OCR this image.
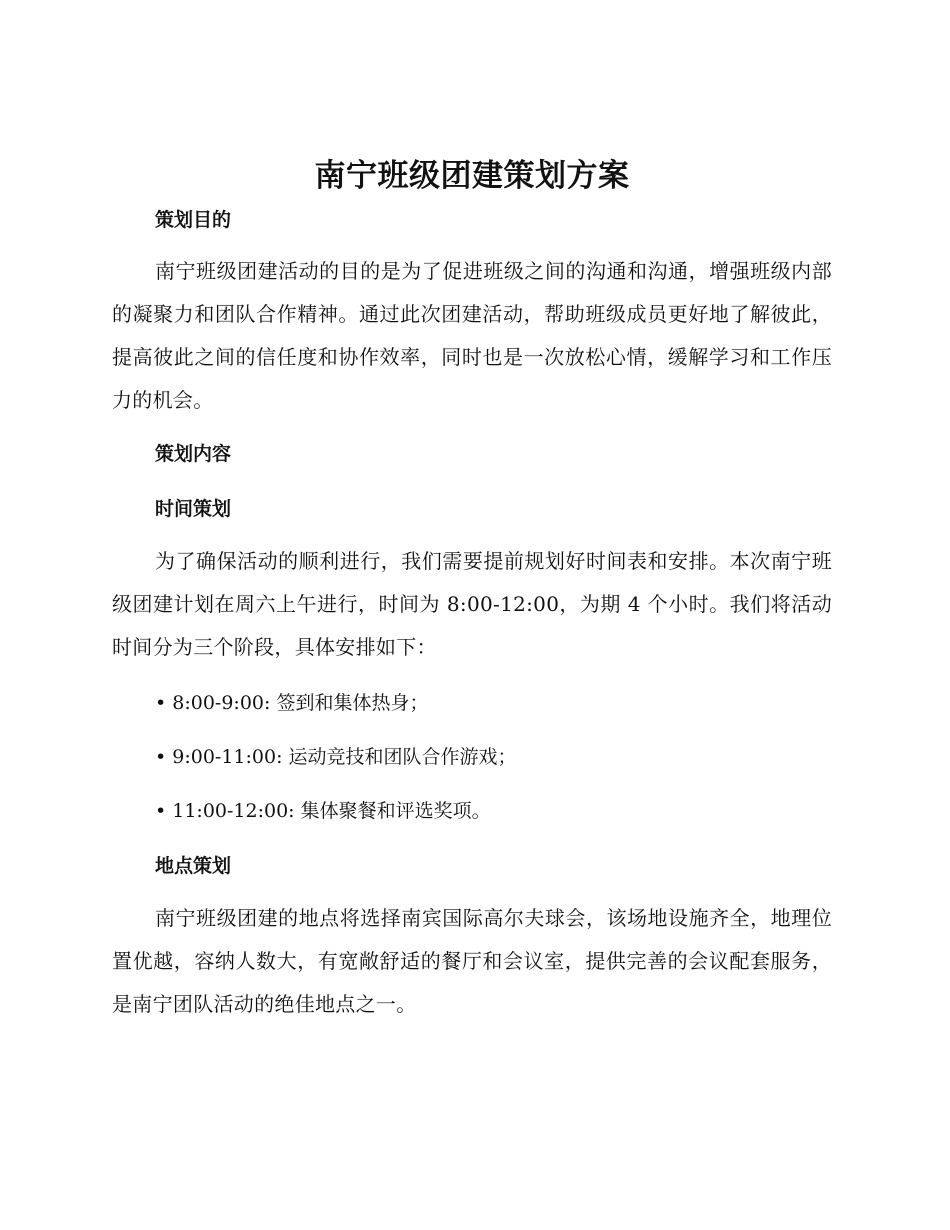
南宁班级团建策划方案
策划目的

南宁班级团建活动的目的是为了促进班级之间的沟通和沟通，增强班级内部的凝聚力和团队合作精神。通过此次团建活动，帮助班级成员更好地了解彼此，提高彼此之间的信任度和协作效率，同时也是一次放松心情，缓解学习和工作压力的机会。

策划内容
时间策划

为了确保活动的顺利进行，我们需要提前规划好时间表和安排。本次南宁班级团建计划在周六上午进行，时间为 8:00-12:00，为期 4 个小时。我们将活动时间分为三个阶段，具体安排如下：

• 8:00-9:00: 签到和集体热身；
• 9:00-11:00: 运动竞技和团队合作游戏；
• 11:00-12:00: 集体聚餐和评选奖项。
地点策划

南宁班级团建的地点将选择南宾国际高尔夫球会，该场地设施齐全，地理位置优越，容纳人数大，有宽敞舒适的餐厅和会议室，提供完善的会议配套服务，是南宁团队活动的绝佳地点之一。
